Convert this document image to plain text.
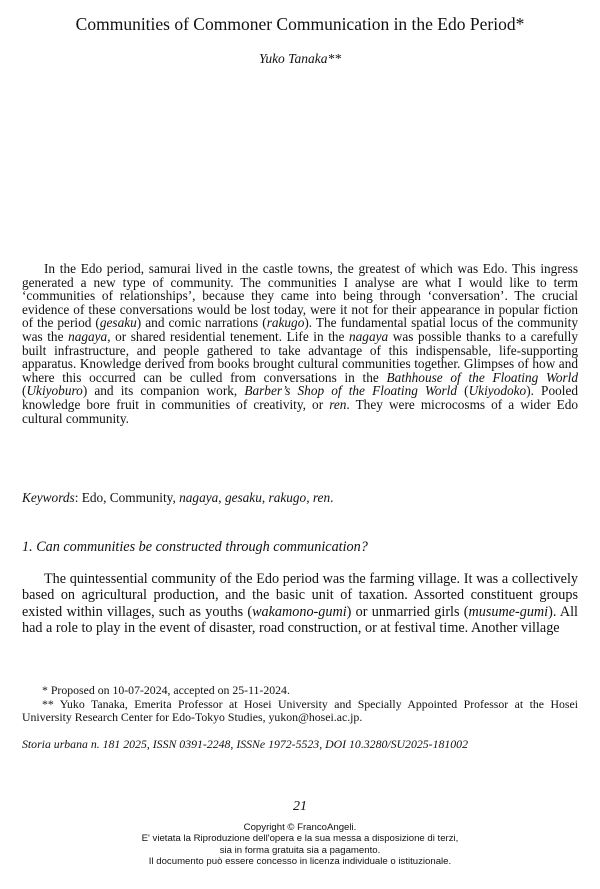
Communities of Commoner Communication in the Edo Period*
Yuko Tanaka**

In the Edo period, samurai lived in the castle towns, the greatest of which was Edo. This ingress generated a new type of community. The communities I analyse are what I would like to term ‘communities of relationships’, because they came into being through ‘conversation’. The crucial evidence of these conversations would be lost today, were it not for their appearance in popular fiction of the period (gesaku) and comic narrations (rakugo). The fundamental spatial locus of the community was the nagaya, or shared residential tenement. Life in the nagaya was possible thanks to a carefully built infrastructure, and people gathered to take advantage of this indispensable, life-supporting apparatus. Knowledge derived from books brought cultural communities together. Glimpses of how and where this occurred can be culled from conversations in the Bathhouse of the Floating World (Ukiyoburo) and its companion work, Barber’s Shop of the Floating World (Ukiyodoko). Pooled knowledge bore fruit in communities of creativity, or ren. They were microcosms of a wider Edo cultural community.

Keywords: Edo, Community, nagaya, gesaku, rakugo, ren.

1. Can communities be constructed through communication?

The quintessential community of the Edo period was the farming village. It was a collectively based on agricultural production, and the basic unit of taxation. Assorted constituent groups existed within villages, such as youths (wakamono-gumi) or unmarried girls (musume-gumi). All had a role to play in the event of disaster, road construction, or at festival time. Another village

* Proposed on 10-07-2024, accepted on 25-11-2024.

** Yuko Tanaka, Emerita Professor at Hosei University and Specially Appointed Professor at the Hosei University Research Center for Edo-Tokyo Studies, yukon@hosei.ac.jp.

Storia urbana n. 181 2025, ISSN 0391-2248, ISSNe 1972-5523, DOI 10.3280/SU2025-181002

21
Copyright © FrancoAngeli.
E' vietata la Riproduzione dell'opera e la sua messa a disposizione di terzi,
sia in forma gratuita sia a pagamento.
Il documento può essere concesso in licenza individuale o istituzionale.
